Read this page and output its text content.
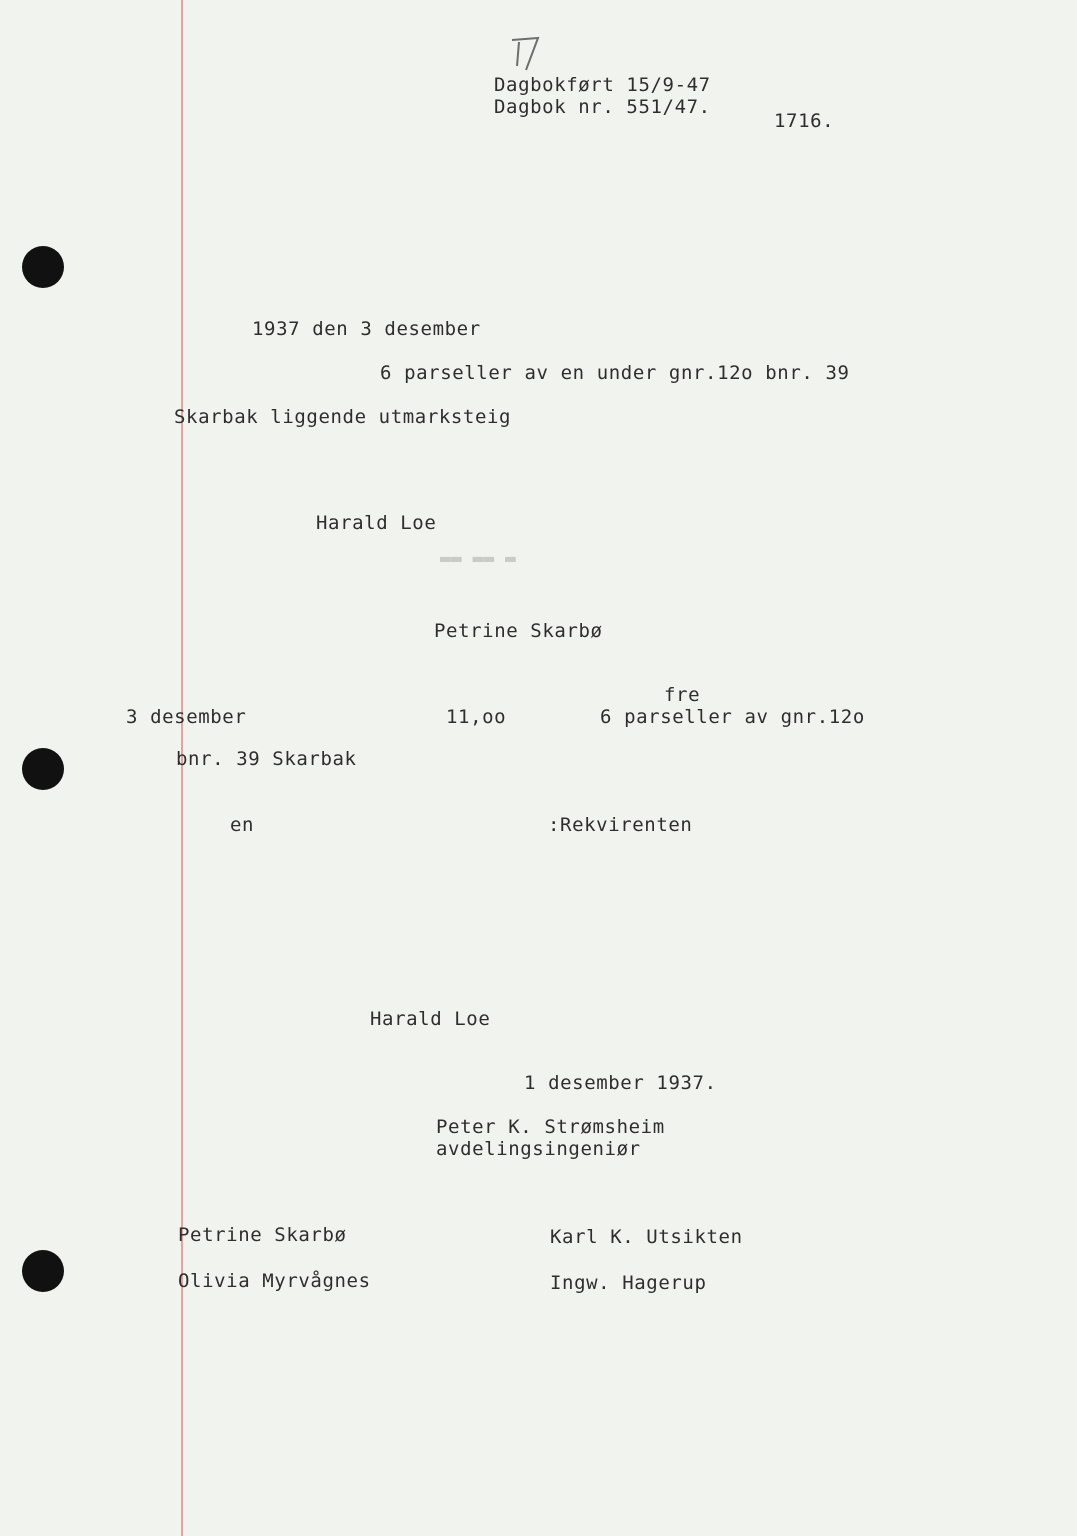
Dagbokført 15/9-47
Dagbok nr. 551/47.
1716.
1937 den 3 desember
6 parseller av en under gnr.12o bnr. 39
Skarbak liggende utmarksteig
Harald Loe
▬▬ ▬▬ ▬
Petrine Skarbø
fre
3 desember	11,oo	6 parseller av gnr.12o
bnr. 39 Skarbak
en	:Rekvirenten
Harald Loe
1 desember 1937.
Peter K. Strømsheim
avdelingsingeniør
Petrine Skarbø	Karl K. Utsikten
Olivia Myrvågnes	Ingw. Hagerup
